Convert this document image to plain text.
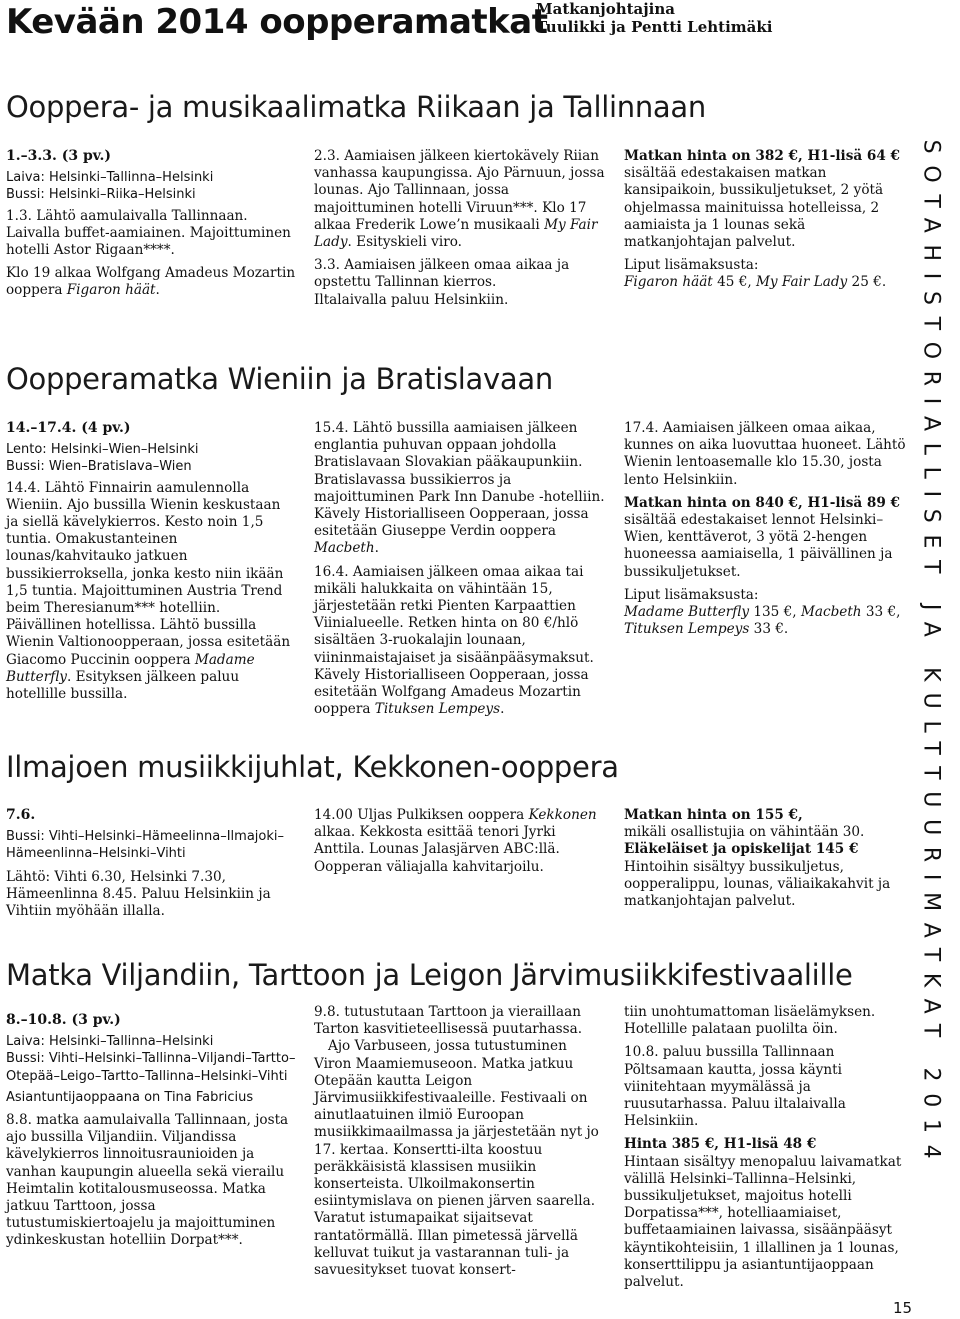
Kevään 2014 oopperamatkat
Matkanjohtajina
Tuulikki ja Pentti Lehtimäki
SOTAHISTORIALLISET JA KULTTUURIMATKAT 2014
Ooppera- ja musikaalimatka Riikaan ja Tallinnaan
1.–3.3. (3 pv.)
Laiva: Helsinki–Tallinna–Helsinki
Bussi: Helsinki–Riika–Helsinki

1.3. Lähtö aamulaivalla Tallinnaan. Laivalla buffet-aamiainen. Majoittuminen hotelli Astor Rigaan****.

Klo 19 alkaa Wolfgang Amadeus Mozartin ooppera Figaron häät.

2.3. Aamiaisen jälkeen kiertokävely Riian vanhassa kaupungissa. Ajo Pärnuun, jossa lounas. Ajo Tallinnaan, jossa majoittuminen hotelli Viruun***. Klo 17 alkaa Frederik Lowe’n musikaali My Fair Lady. Esityskieli viro.

3.3. Aamiaisen jälkeen omaa aikaa ja opstettu Tallinnan kierros.

Iltalaivalla paluu Helsinkiin.

Matkan hinta on 382 €, H1-lisä 64 €

sisältää edestakaisen matkan kansipaikoin, bussikuljetukset, 2 yötä ohjelmassa mainituissa hotelleissa, 2 aamiaista ja 1 lounas sekä matkanjohtajan palvelut.

Liput lisämaksusta:

Figaron häät 45 €, My Fair Lady 25 €.

Oopperamatka Wieniin ja Bratislavaan
14.–17.4. (4 pv.)
Lento: Helsinki–Wien–Helsinki
Bussi: Wien–Bratislava–Wien

14.4. Lähtö Finnairin aamulennolla Wieniin. Ajo bussilla Wienin keskustaan ja siellä kävelykierros. Kesto noin 1,5 tuntia. Omakustanteinen lounas/kahvitauko jatkuen bussikierroksella, jonka kesto niin ikään 1,5 tuntia. Majoittuminen Austria Trend beim Theresianum*** hotelliin. Päivällinen hotellissa. Lähtö bussilla Wienin Valtionoopperaan, jossa esitetään Giacomo Puccinin ooppera Madame Butterfly. Esityksen jälkeen paluu hotellille bussilla.

15.4. Lähtö bussilla aamiaisen jälkeen englantia puhuvan oppaan johdolla Bratislavaan Slovakian pääkaupunkiin. Bratislavassa bussikierros ja majoittuminen Park Inn Danube -hotelliin. Kävely Historialliseen Oopperaan, jossa esitetään Giuseppe Verdin ooppera Macbeth.

16.4. Aamiaisen jälkeen omaa aikaa tai mikäli halukkaita on vähintään 15, järjestetään retki Pienten Karpaattien Viinialueelle. Retken hinta on 80 €/hlö sisältäen 3-ruokalajin lounaan, viininmaistajaiset ja sisäänpääsymaksut. Kävely Historialliseen Oopperaan, jossa esitetään Wolfgang Amadeus Mozartin ooppera Tituksen Lempeys.

17.4. Aamiaisen jälkeen omaa aikaa, kunnes on aika luovuttaa huoneet. Lähtö Wienin lentoasemalle klo 15.30, josta lento Helsinkiin.

Matkan hinta on 840 €, H1-lisä 89 €

sisältää edestakaiset lennot Helsinki–Wien, kenttäverot, 3 yötä 2-hengen huoneessa aamiaisella, 1 päivällinen ja bussikuljetukset.

Liput lisämaksusta:

Madame Butterfly 135 €, Macbeth 33 €, Tituksen Lempeys 33 €.

Ilmajoen musiikkijuhlat, Kekkonen-ooppera
7.6.
Bussi: Vihti–Helsinki–Hämeelinna–Ilmajoki–Hämeenlinna–Helsinki–Vihti

Lähtö: Vihti 6.30, Helsinki 7.30, Hämeenlinna 8.45. Paluu Helsinkiin ja Vihtiin myöhään illalla.

14.00 Uljas Pulkiksen ooppera Kekkonen alkaa. Kekkosta esittää tenori Jyrki Anttila. Lounas Jalasjärven ABC:llä. Oopperan väliajalla kahvitarjoilu.

Matkan hinta on 155 €,

mikäli osallistujia on vähintään 30.

Eläkeläiset ja opiskelijat 145 €

Hintoihin sisältyy bussikuljetus, oopperalippu, lounas, väliaikakahvit ja matkanjohtajan palvelut.

Matka Viljandiin, Tarttoon ja Leigon Järvimusiikkifestivaalille
8.–10.8. (3 pv.)
Laiva: Helsinki–Tallinna–Helsinki
Bussi: Vihti–Helsinki–Tallinna–Viljandi–Tartto–Otepää–Leigo–Tartto–Tallinna–Helsinki–Vihti
Asiantuntijaoppaana on Tina Fabricius

8.8. matka aamulaivalla Tallinnaan, josta ajo bussilla Viljandiin. Viljandissa kävelykierros linnoitusraunioiden ja vanhan kaupungin alueella sekä vierailu Heimtalin kotitalousmuseossa. Matka jatkuu Tarttoon, jossa tutustumiskiertoajelu ja majoittuminen ydinkeskustan hotelliin Dorpat***.

9.8. tutustutaan Tarttoon ja vieraillaan Tarton kasvitieteellisessä puutarhassa.

Ajo Varbuseen, jossa tutustuminen Viron Maamiemuseoon. Matka jatkuu Otepään kautta Leigon Järvimusiikkifestivaaleille. Festivaali on ainutlaatuinen ilmiö Euroopan musiikkimaailmassa ja järjestetään nyt jo 17. kertaa. Konsertti-ilta koostuu peräkkäisistä klassisen musiikin konserteista. Ulkoilmakonsertin esiintymislava on pienen järven saarella. Varatut istumapaikat sijaitsevat rantatörmällä. Illan pimetessä järvellä kelluvat tuikut ja vastarannan tuli- ja savuesitykset tuovat konsert-

tiin unohtumattoman lisäelämyksen. Hotellille palataan puolilta öin.

10.8. paluu bussilla Tallinnaan Põltsamaan kautta, jossa käynti viinitehtaan myymälässä ja ruusutarhassa. Paluu iltalaivalla Helsinkiin.

Hinta 385 €, H1-lisä 48 €

Hintaan sisältyy menopaluu laivamatkat välillä Helsinki–Tallinna–Helsinki, bussikuljetukset, majoitus hotelli Dorpatissa***, hotelliaamiaiset, buffetaamiainen laivassa, sisäänpääsyt käyntikohteisiin, 1 illallinen ja 1 lounas, konserttilippu ja asiantuntijaoppaan palvelut.

15
